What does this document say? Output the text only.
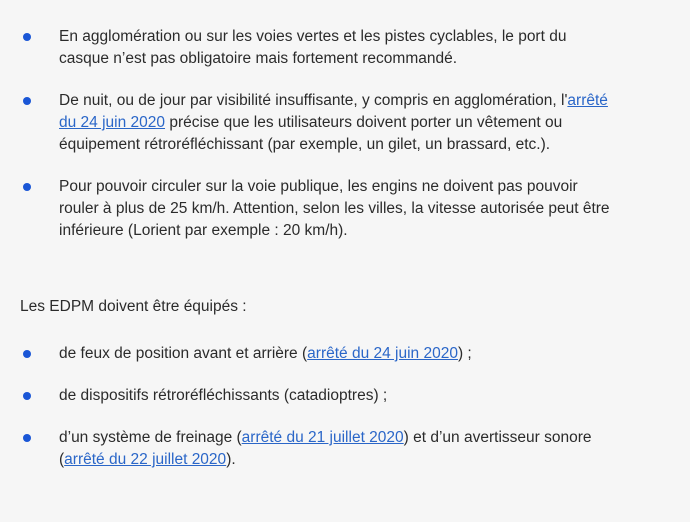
En agglomération ou sur les voies vertes et les pistes cyclables, le port du casque n’est pas obligatoire mais fortement recommandé.
De nuit, ou de jour par visibilité insuffisante, y compris en agglomération, l'arrêté du 24 juin 2020 précise que les utilisateurs doivent porter un vêtement ou équipement rétroréfléchissant (par exemple, un gilet, un brassard, etc.).
Pour pouvoir circuler sur la voie publique, les engins ne doivent pas pouvoir rouler à plus de 25 km/h. Attention, selon les villes, la vitesse autorisée peut être inférieure (Lorient par exemple : 20 km/h).

Les EDPM doivent être équipés :

de feux de position avant et arrière (arrêté du 24 juin 2020) ;
de dispositifs rétroréfléchissants (catadioptres) ;
d’un système de freinage (arrêté du 21 juillet 2020) et d’un avertisseur sonore (arrêté du 22 juillet 2020).
